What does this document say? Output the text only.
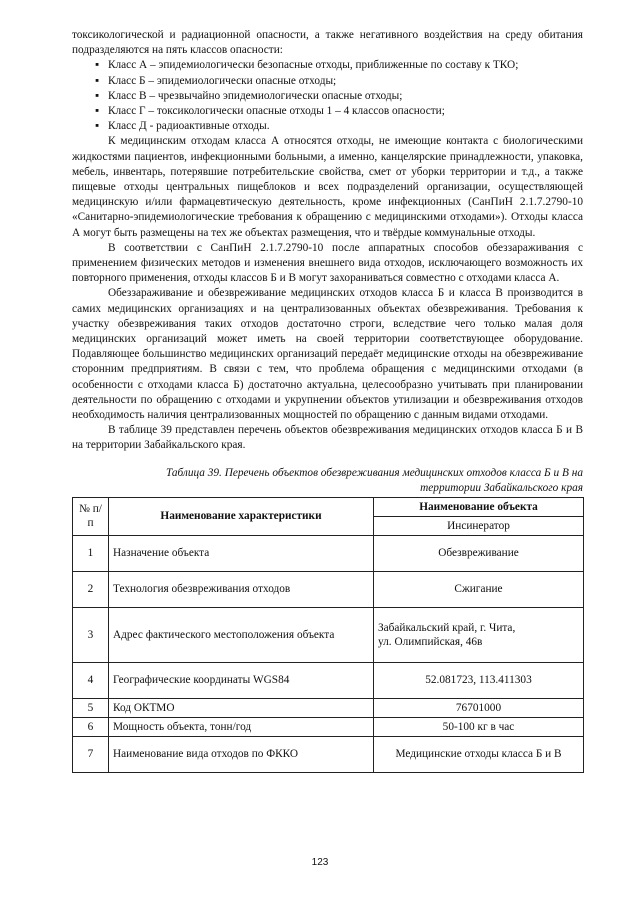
токсикологической и радиационной опасности, а также негативного воздействия на среду обитания подразделяются на пять классов опасности:

▪ Класс А – эпидемиологически безопасные отходы, приближенные по составу к ТКО;
▪ Класс Б – эпидемиологически опасные отходы;
▪ Класс В – чрезвычайно эпидемиологически опасные отходы;
▪ Класс Г – токсикологически опасные отходы 1 – 4 классов опасности;
▪ Класс Д - радиоактивные отходы.

К медицинским отходам класса А относятся отходы, не имеющие контакта с биологическими жидкостями пациентов, инфекционными больными, а именно, канцелярские принадлежности, упаковка, мебель, инвентарь, потерявшие потребительские свойства, смет от уборки территории и т.д., а также пищевые отходы центральных пищеблоков и всех подразделений организации, осуществляющей медицинскую и/или фармацевтическую деятельность, кроме инфекционных (СанПиН 2.1.7.2790-10 «Санитарно-эпидемиологические требования к обращению с медицинскими отходами»). Отходы класса А могут быть размещены на тех же объектах размещения, что и твёрдые коммунальные отходы.

В соответствии с СанПиН 2.1.7.2790-10 после аппаратных способов обеззараживания с применением физических методов и изменения внешнего вида отходов, исключающего возможность их повторного применения, отходы классов Б и В могут захораниваться совместно с отходами класса А.

Обеззараживание и обезвреживание медицинских отходов класса Б и класса В производится в самих медицинских организациях и на централизованных объектах обезвреживания. Требования к участку обезвреживания таких отходов достаточно строги, вследствие чего только малая доля медицинских организаций может иметь на своей территории соответствующее оборудование. Подавляющее большинство медицинских организаций передаёт медицинские отходы на обезвреживание сторонним предприятиям. В связи с тем, что проблема обращения с медицинскими отходами (в особенности с отходами класса Б) достаточно актуальна, целесообразно учитывать при планировании деятельности по обращению с отходами и укрупнении объектов утилизации и обезвреживания отходов необходимость наличия централизованных мощностей по обращению с данным видами отходами.

В таблице 39 представлен перечень объектов обезвреживания медицинских отходов класса Б и В на территории Забайкальского края.

Таблица 39. Перечень объектов обезвреживания медицинских отходов класса Б и В на
территории Забайкальского края
№ п/п	Наименование характеристики	Наименование объекта
		Инсинератор
1	Назначение объекта	Обезвреживание
2	Технология обезвреживания отходов	Сжигание
3	Адрес фактического местоположения объекта	Забайкальский край, г. Чита,
ул. Олимпийская, 46в

4	Географические координаты WGS84	52.081723, 113.411303
5	Код ОКТМО	76701000
6	Мощность объекта, тонн/год	50-100 кг в час
7	Наименование вида отходов по ФККО	Медицинские отходы класса Б и В
123
